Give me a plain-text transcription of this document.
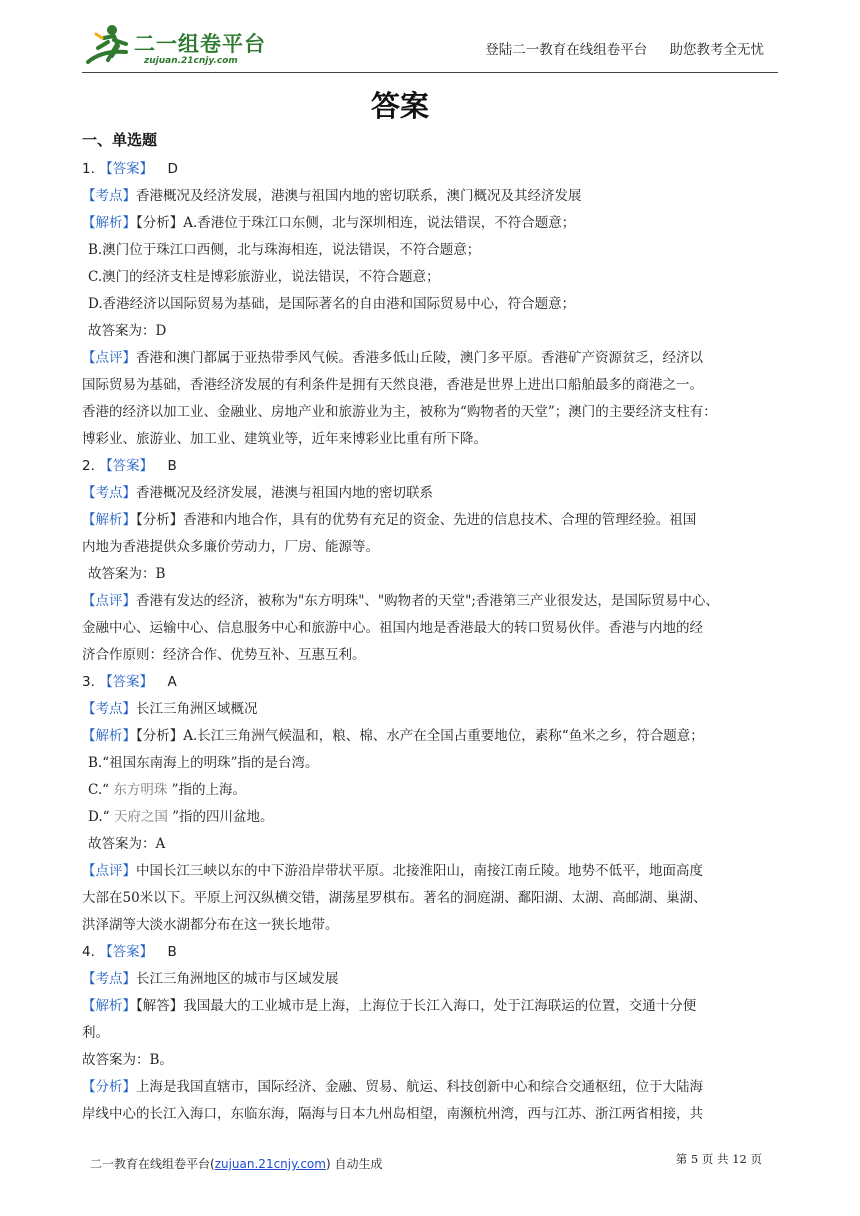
二一组卷平台
zujuan.21cnjy.com
登陆二一教育在线组卷平台 助您教考全无忧
答案
一、单选题
1. 【答案】 D
【考点】香港概况及经济发展，港澳与祖国内地的密切联系，澳门概况及其经济发展
【解析】【分析】A.香港位于珠江口东侧，北与深圳相连，说法错误，不符合题意；
B.澳门位于珠江口西侧，北与珠海相连，说法错误，不符合题意；
C.澳门的经济支柱是博彩旅游业，说法错误，不符合题意；
D.香港经济以国际贸易为基础，是国际著名的自由港和国际贸易中心，符合题意；
故答案为：D
【点评】香港和澳门都属于亚热带季风气候。香港多低山丘陵，澳门多平原。香港矿产资源贫乏，经济以
国际贸易为基础，香港经济发展的有利条件是拥有天然良港，香港是世界上进出口船舶最多的商港之一。
香港的经济以加工业、金融业、房地产业和旅游业为主，被称为“购物者的天堂”；澳门的主要经济支柱有：
博彩业、旅游业、加工业、建筑业等，近年来博彩业比重有所下降。
2. 【答案】 B
【考点】香港概况及经济发展，港澳与祖国内地的密切联系
【解析】【分析】香港和内地合作，具有的优势有充足的资金、先进的信息技术、合理的管理经验。祖国
内地为香港提供众多廉价劳动力，厂房、能源等。
故答案为：B
【点评】香港有发达的经济，被称为"东方明珠"、"购物者的天堂";香港第三产业很发达，是国际贸易中心、
金融中心、运输中心、信息服务中心和旅游中心。祖国内地是香港最大的转口贸易伙伴。香港与内地的经
济合作原则：经济合作、优势互补、互惠互利。
3. 【答案】 A
【考点】长江三角洲区域概况
【解析】【分析】A.长江三角洲气候温和，粮、棉、水产在全国占重要地位，素称“鱼米之乡，符合题意；
B.“祖国东南海上的明珠”指的是台湾。
C.“ 东方明珠 ”指的上海。
D.“ 天府之国 ”指的四川盆地。
故答案为：A
【点评】中国长江三峡以东的中下游沿岸带状平原。北接淮阳山，南接江南丘陵。地势不低平，地面高度
大部在50米以下。平原上河汉纵横交错，湖荡星罗棋布。著名的洞庭湖、鄱阳湖、太湖、高邮湖、巢湖、
洪泽湖等大淡水湖都分布在这一狭长地带。
4. 【答案】 B
【考点】长江三角洲地区的城市与区域发展
【解析】【解答】我国最大的工业城市是上海，上海位于长江入海口，处于江海联运的位置，交通十分便
利。
故答案为：B。
【分析】上海是我国直辖市，国际经济、金融、贸易、航运、科技创新中心和综合交通枢纽，位于大陆海
岸线中心的长江入海口，东临东海，隔海与日本九州岛相望，南濒杭州湾，西与江苏、浙江两省相接，共
二一教育在线组卷平台(zujuan.21cnjy.com) 自动生成	第 5 页 共 12 页
